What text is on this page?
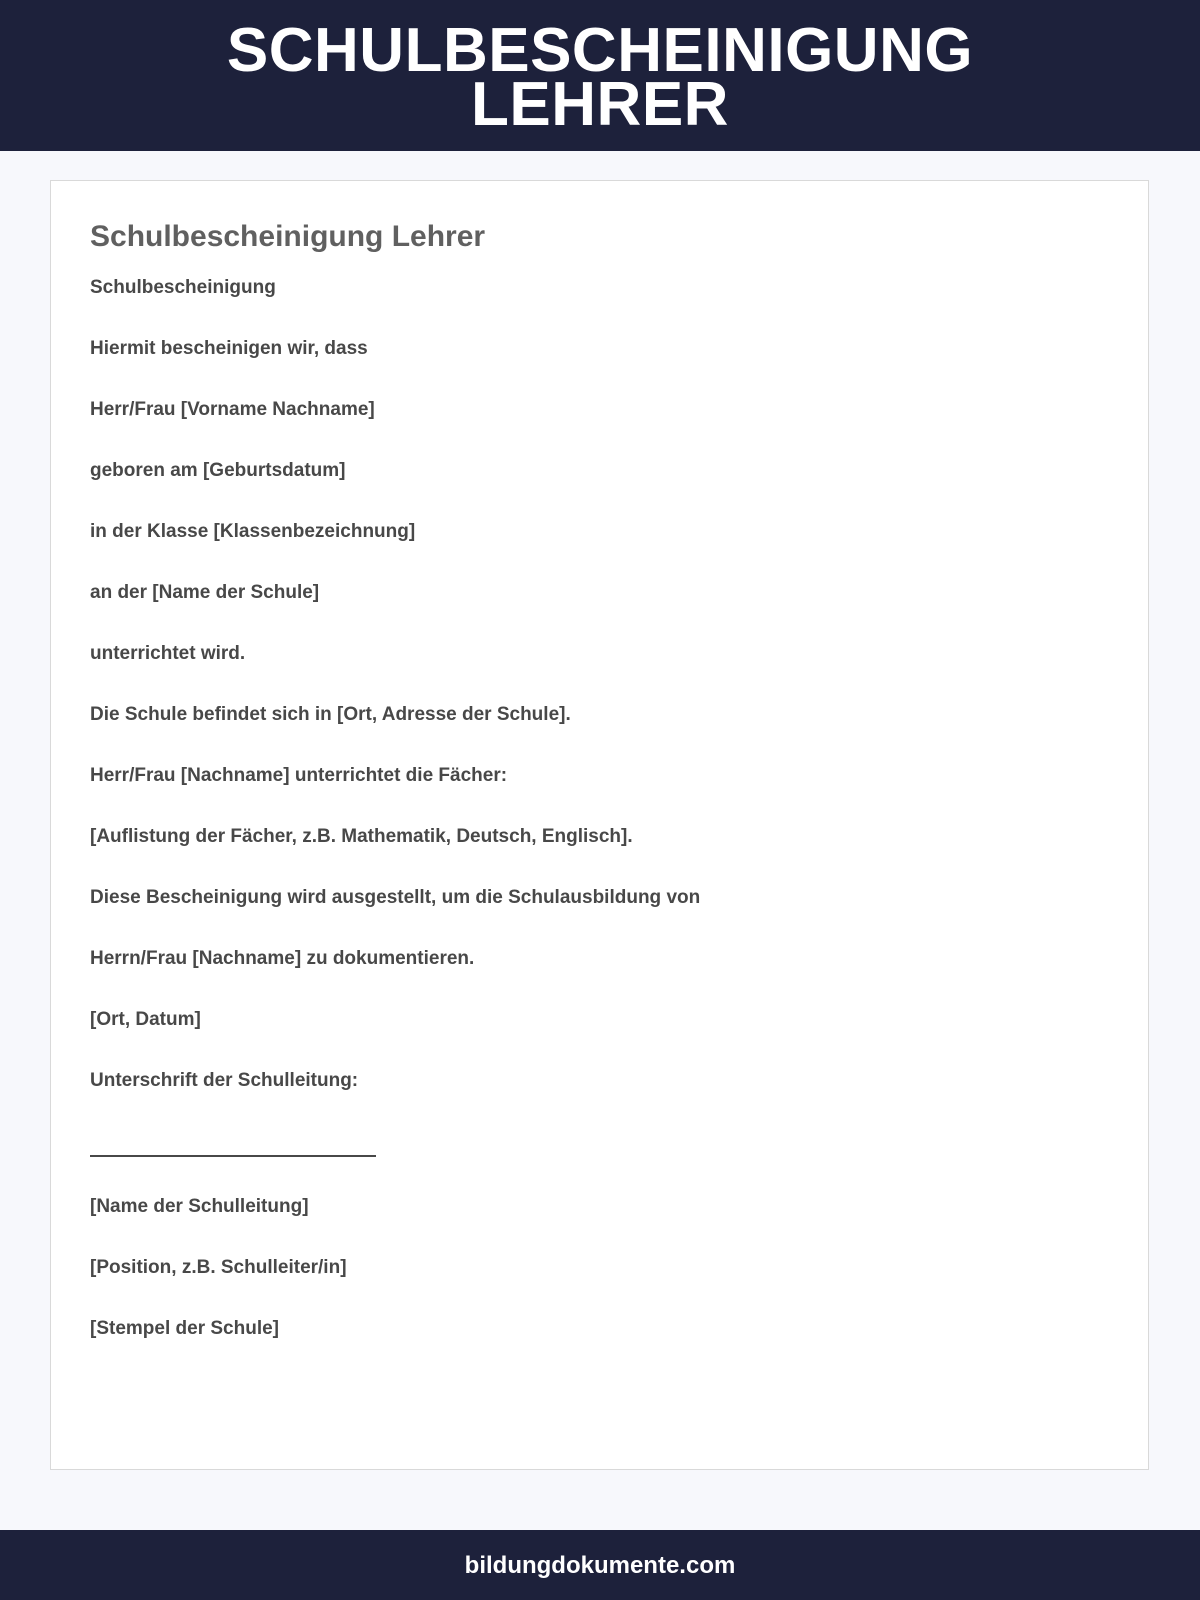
SCHULBESCHEINIGUNG
LEHRER
Schulbescheinigung Lehrer
Schulbescheinigung
Hiermit bescheinigen wir, dass
Herr/Frau [Vorname Nachname]
geboren am [Geburtsdatum]
in der Klasse [Klassenbezeichnung]
an der [Name der Schule]
unterrichtet wird.
Die Schule befindet sich in [Ort, Adresse der Schule].
Herr/Frau [Nachname] unterrichtet die Fächer:
[Auflistung der Fächer, z.B. Mathematik, Deutsch, Englisch].
Diese Bescheinigung wird ausgestellt, um die Schulausbildung von
Herrn/Frau [Nachname] zu dokumentieren.
[Ort, Datum]
Unterschrift der Schulleitung:
[Name der Schulleitung]
[Position, z.B. Schulleiter/in]
[Stempel der Schule]
bildungdokumente.com
